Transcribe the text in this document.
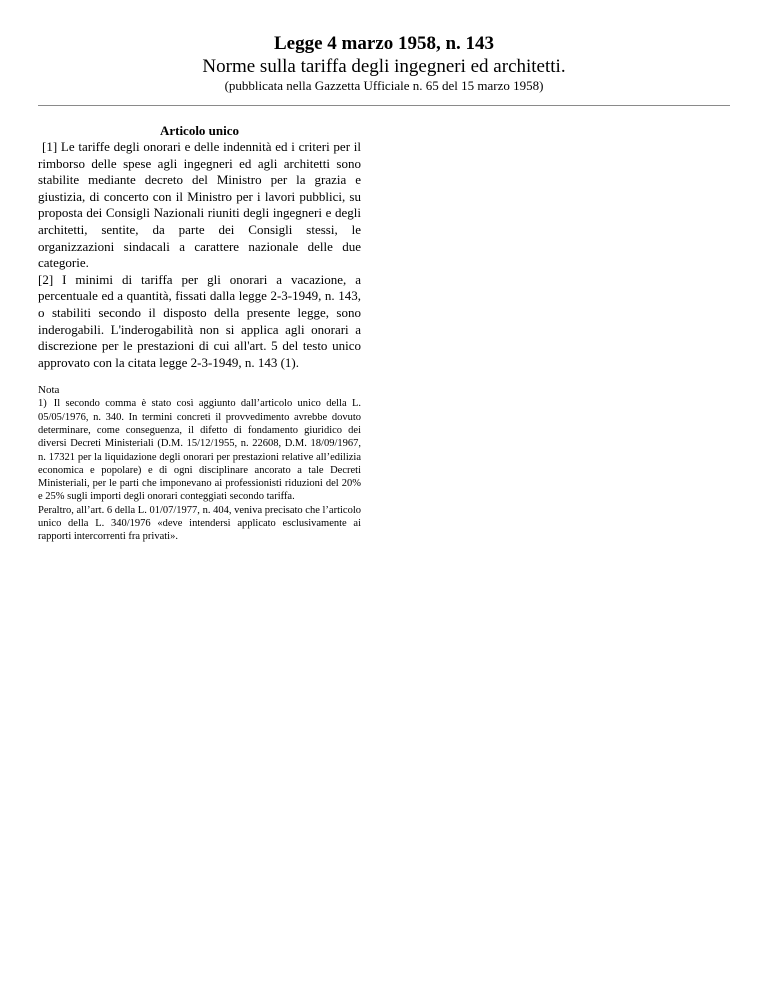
Legge 4 marzo 1958, n. 143
Norme sulla tariffa degli ingegneri ed architetti.
(pubblicata nella Gazzetta Ufficiale n. 65 del 15 marzo 1958)
Articolo unico

[1] Le tariffe degli onorari e delle indennità ed i criteri per il rimborso delle spese agli ingegneri ed agli architetti sono stabilite mediante decreto del Ministro per la grazia e giustizia, di concerto con il Ministro per i lavori pubblici, su proposta dei Consigli Nazionali riuniti degli ingegneri e degli architetti, sentite, da parte dei Consigli stessi, le organizzazioni sindacali a carattere nazionale delle due categorie.

[2] I minimi di tariffa per gli onorari a vacazione, a percentuale ed a quantità, fissati dalla legge 2-3-1949, n. 143, o stabiliti secondo il disposto della presente legge, sono inderogabili. L'inderogabilità non si applica agli onorari a discrezione per le prestazioni di cui all'art. 5 del testo unico approvato con la citata legge 2-3-1949, n. 143 (1).

Nota

1) Il secondo comma è stato così aggiunto dall’articolo unico della L. 05/05/1976, n. 340. In termini concreti il provvedimento avrebbe dovuto determinare, come conseguenza, il difetto di fondamento giuridico dei diversi Decreti Ministeriali (D.M. 15/12/1955, n. 22608, D.M. 18/09/1967, n. 17321 per la liquidazione degli onorari per prestazioni relative all’edilizia economica e popolare) e di ogni disciplinare ancorato a tale Decreti Ministeriali, per le parti che imponevano ai professionisti riduzioni del 20% e 25% sugli importi degli onorari conteggiati secondo tariffa.

Peraltro, all’art. 6 della L. 01/07/1977, n. 404, veniva precisato che l’articolo unico della L. 340/1976 «deve intendersi applicato esclusivamente ai rapporti intercorrenti fra privati».
